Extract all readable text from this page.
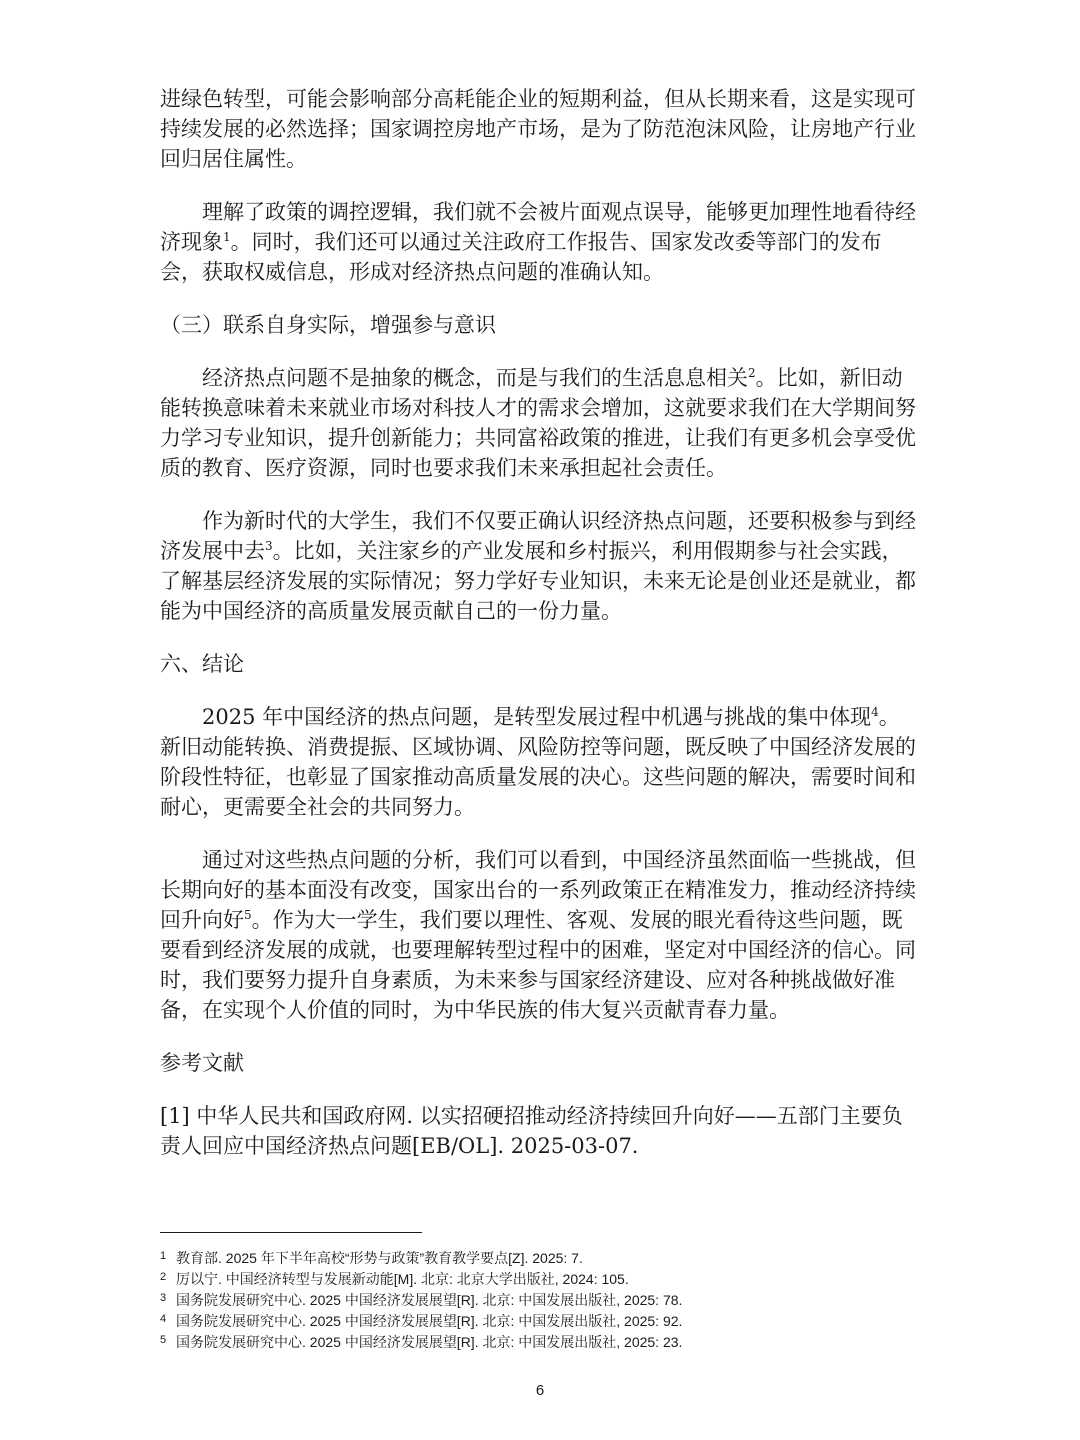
进绿色转型，可能会影响部分高耗能企业的短期利益，但从长期来看，这是实现可持续发展的必然选择；国家调控房地产市场，是为了防范泡沫风险，让房地产行业回归居住属性。

理解了政策的调控逻辑，我们就不会被片面观点误导，能够更加理性地看待经济现象$^1$。同时，我们还可以通过关注政府工作报告、国家发改委等部门的发布会，获取权威信息，形成对经济热点问题的准确认知。

（三）联系自身实际，增强参与意识

经济热点问题不是抽象的概念，而是与我们的生活息息相关$^2$。比如，新旧动能转换意味着未来就业市场对科技人才的需求会增加，这就要求我们在大学期间努力学习专业知识，提升创新能力；共同富裕政策的推进，让我们有更多机会享受优质的教育、医疗资源，同时也要求我们未来承担起社会责任。

作为新时代的大学生，我们不仅要正确认识经济热点问题，还要积极参与到经济发展中去$^3$。比如，关注家乡的产业发展和乡村振兴，利用假期参与社会实践，了解基层经济发展的实际情况；努力学好专业知识，未来无论是创业还是就业，都能为中国经济的高质量发展贡献自己的一份力量。

六、结论

2025 年中国经济的热点问题，是转型发展过程中机遇与挑战的集中体现$^4$。新旧动能转换、消费提振、区域协调、风险防控等问题，既反映了中国经济发展的阶段性特征，也彰显了国家推动高质量发展的决心。这些问题的解决，需要时间和耐心，更需要全社会的共同努力。

通过对这些热点问题的分析，我们可以看到，中国经济虽然面临一些挑战，但长期向好的基本面没有改变，国家出台的一系列政策正在精准发力，推动经济持续回升向好$^5$。作为大一学生，我们要以理性、客观、发展的眼光看待这些问题，既要看到经济发展的成就，也要理解转型过程中的困难，坚定对中国经济的信心。同时，我们要努力提升自身素质，为未来参与国家经济建设、应对各种挑战做好准备，在实现个人价值的同时，为中华民族的伟大复兴贡献青春力量。

参考文献

[1] 中华人民共和国政府网. 以实招硬招推动经济持续回升向好——五部门主要负责人回应中国经济热点问题[EB/OL]. 2025-03-07.

1 教育部. 2025 年下半年高校“形势与政策”教育教学要点[Z]. 2025: 7.
2 厉以宁. 中国经济转型与发展新动能[M]. 北京: 北京大学出版社, 2024: 105.
3 国务院发展研究中心. 2025 中国经济发展展望[R]. 北京: 中国发展出版社, 2025: 78.
4 国务院发展研究中心. 2025 中国经济发展展望[R]. 北京: 中国发展出版社, 2025: 92.
5 国务院发展研究中心. 2025 中国经济发展展望[R]. 北京: 中国发展出版社, 2025: 23.
6
